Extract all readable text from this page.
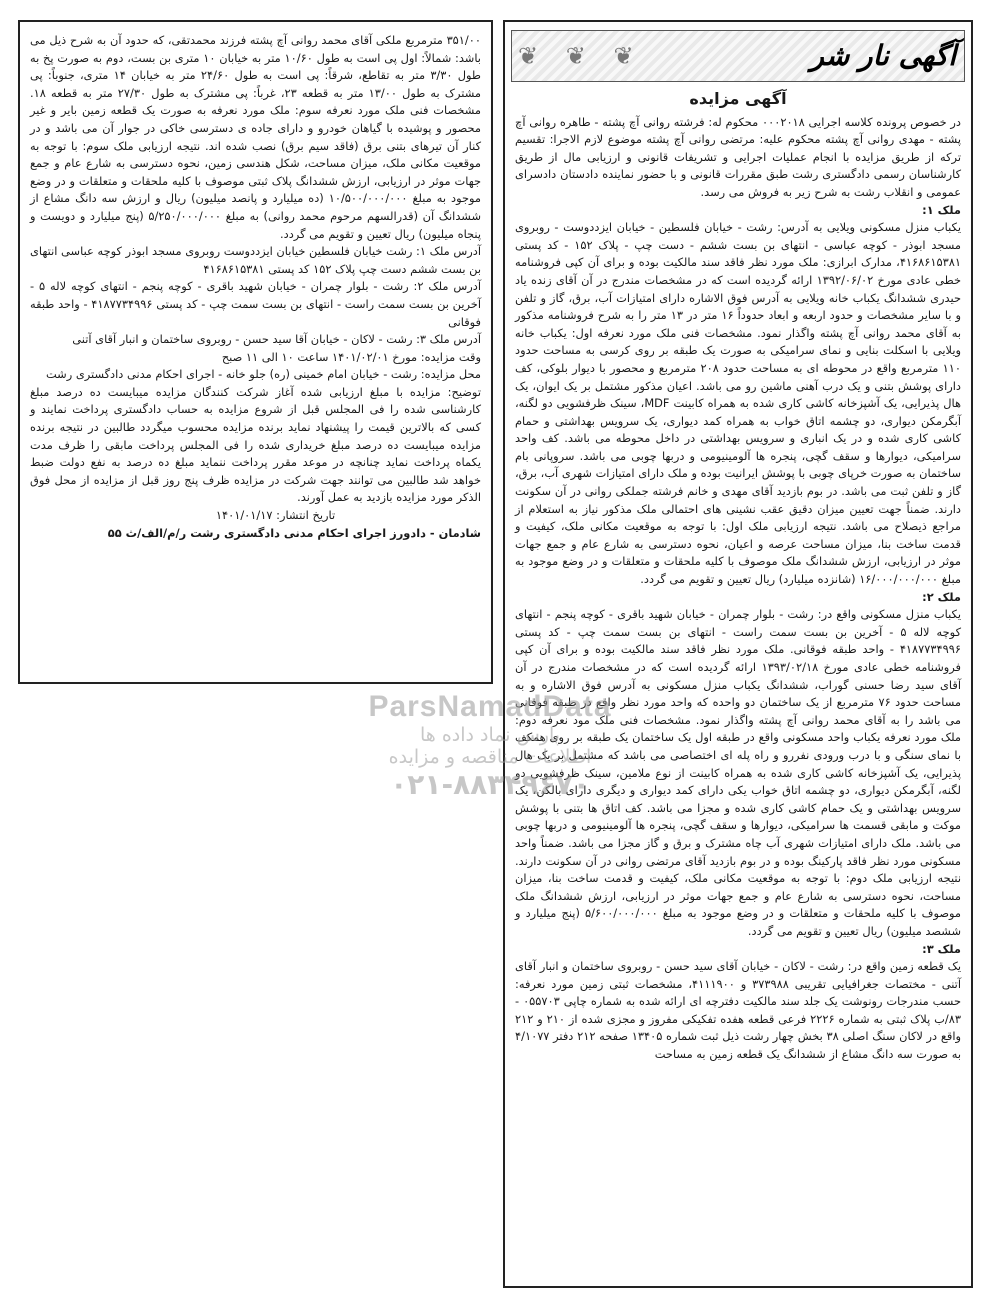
❦ ❦ ❦	آگهی نار شر
آگهی مزایده

در خصوص پرونده کلاسه اجرایی ۰۰۰۲۰۱۸ محکوم له: فرشته روانی آچ پشته - طاهره روانی آچ پشته - مهدی روانی آچ پشته محکوم علیه: مرتضی روانی آچ پشته موضوع لازم الاجرا: تقسیم ترکه از طریق مزایده با انجام عملیات اجرایی و تشریفات قانونی و ارزیابی مال از طریق کارشناسان رسمی دادگستری رشت طبق مقررات قانونی و با حضور نماینده دادستان دادسرای عمومی و انقلاب رشت به شرح زیر به فروش می رسد.

ملک ۱:

یکباب منزل مسکونی ویلایی به آدرس: رشت - خیابان فلسطین - خیابان ایزددوست - روبروی مسجد ابوذر - کوچه عباسی - انتهای بن بست ششم - دست چپ - پلاک ۱۵۲ - کد پستی ۴۱۶۸۶۱۵۳۸۱، مدارک ابرازی: ملک مورد نظر فاقد سند مالکیت بوده و برای آن کپی فروشنامه خطی عادی مورخ ۱۳۹۲/۰۶/۰۲ ارائه گردیده است که در مشخصات مندرج در آن آقای زنده یاد حیدری ششدانگ یکباب خانه ویلایی به آدرس فوق الاشاره دارای امتیازات آب، برق، گاز و تلفن و با سایر مشخصات و حدود اربعه و ابعاد حدوداً ۱۶ متر در ۱۳ متر را به شرح فروشنامه مذکور به آقای محمد روانی آچ پشته واگذار نمود. مشخصات فنی ملک مورد نعرفه اول: یکباب خانه ویلایی با اسکلت بنایی و نمای سرامیکی به صورت یک طبقه بر روی کرسی به مساحت حدود ۱۱۰ مترمربع واقع در محوطه ای به مساحت حدود ۲۰۸ مترمربع و محصور با دیوار بلوکی، کف دارای پوشش بتنی و یک درب آهنی ماشین رو می باشد. اعیان مذکور مشتمل بر یک ایوان، یک هال پذیرایی، یک آشپزخانه کاشی کاری شده به همراه کابینت MDF، سینک ظرفشویی دو لگنه، آبگرمکن دیواری، دو چشمه اتاق خواب به همراه کمد دیواری، یک سرویس بهداشتی و حمام کاشی کاری شده و در یک انباری و سرویس بهداشتی در داخل محوطه می باشد. کف واحد سرامیکی، دیوارها و سقف گچی، پنجره ها آلومینیومی و دربها چوبی می باشد. سروپانی بام ساختمان به صورت خرپای چوبی با پوشش ایرانیت بوده و ملک دارای امتیازات شهری آب، برق، گاز و تلفن ثبت می باشد. در بوم بازدید آقای مهدی و خانم فرشته جملکی روانی در آن سکونت دارند. ضمناً جهت تعیین میزان دقیق عقب نشینی های احتمالی ملک مذکور نیاز به استعلام از مراجع ذیصلاح می باشد. نتیجه ارزیابی ملک اول: با توجه به موقعیت مکانی ملک، کیفیت و قدمت ساخت بنا، میزان مساحت عرصه و اعیان، نحوه دسترسی به شارع عام و جمع جهات موثر در ارزیابی، ارزش ششدانگ ملک موصوف با کلیه ملحقات و متعلقات و در وضع موجود به مبلغ ۱۶/۰۰۰/۰۰۰/۰۰۰ (شانزده میلیارد) ریال تعیین و تقویم می گردد.

ملک ۲:

یکباب منزل مسکونی واقع در: رشت - بلوار چمران - خیابان شهید باقری - کوچه پنجم - انتهای کوچه لاله ۵ - آخرین بن بست سمت راست - انتهای بن بست سمت چپ - کد پستی ۴۱۸۷۷۳۴۹۹۶ - واحد طبقه فوقانی. ملک مورد نظر فاقد سند مالکیت بوده و برای آن کپی فروشنامه خطی عادی مورخ ۱۳۹۳/۰۲/۱۸ ارائه گردیده است که در مشخصات مندرج در آن آقای سید رضا حسنی گوراب، ششدانگ یکباب منزل مسکونی به آدرس فوق الاشاره و به مساحت حدود ۷۶ مترمربع از یک ساختمان دو واحده که واحد مورد نظر واقع در طبقه فوقانی می باشد را به آقای محمد روانی آچ پشته واگذار نمود. مشخصات فنی ملک مود نعرفه دوم: ملک مورد نعرفه یکباب واحد مسکونی واقع در طبقه اول یک ساختمان یک طبقه بر روی همکف با نمای سنگی و با درب ورودی نفررو و راه پله ای اختصاصی می باشد که مشتمل بر یک هال پذیرایی، یک آشپزخانه کاشی کاری شده به همراه کابینت از نوع ملامین، سینک ظرفشویی دو لگنه، آبگرمکن دیواری، دو چشمه اتاق خواب یکی دارای کمد دیواری و دیگری دارای بالکن، یک سرویس بهداشتی و یک حمام کاشی کاری شده و مجزا می باشد. کف اتاق ها بتنی با پوشش موکت و مابقی قسمت ها سرامیکی، دیوارها و سقف گچی، پنجره ها آلومینیومی و دربها چوبی می باشد. ملک دارای امتیازات شهری آب چاه مشترک و برق و گاز مجزا می باشد. ضمناً واحد مسکونی مورد نظر فاقد پارکینگ بوده و در بوم بازدید آقای مرتضی روانی در آن سکونت دارند. نتیجه ارزیابی ملک دوم: با توجه به موقعیت مکانی ملک، کیفیت و قدمت ساخت بنا، میزان مساحت، نحوه دسترسی به شارع عام و جمع جهات موثر در ارزیابی، ارزش ششدانگ ملک موصوف با کلیه ملحقات و متعلقات و در وضع موجود به مبلغ ۵/۶۰۰/۰۰۰/۰۰۰ (پنج میلیارد و ششصد میلیون) ریال تعیین و تقویم می گردد.

ملک ۳:

یک قطعه زمین واقع در: رشت - لاکان - خیابان آقای سید حسن - روبروی ساختمان و انبار آقای آتنی - مختصات جغرافیایی تقریبی ۳۷۳۹۸۸ و ۴۱۱۱۹۰۰، مشخصات ثبتی زمین مورد نعرفه: حسب مندرجات رونوشت یک جلد سند مالکیت دفترچه ای ارائه شده به شماره چاپی ۰۵۵۷۰۳ - ۸۳/ب پلاک ثبتی به شماره ۲۲۲۶ فرعی قطعه هفده تفکیکی مفروز و مجزی شده از ۲۱۰ و ۲۱۲ واقع در لاکان سنگ اصلی ۳۸ بخش چهار رشت ذیل ثبت شماره ۱۳۴۰۵ صفحه ۲۱۲ دفتر ۴/۱۰۷۷ به صورت سه دانگ مشاع از ششدانگ یک قطعه زمین به مساحت

۳۵۱/۰۰ مترمربع ملکی آقای محمد روانی آچ پشته فرزند محمدتقی، که حدود آن به شرح ذیل می باشد: شمالاً: اول پی است به طول ۱۰/۶۰ متر به خیابان ۱۰ متری بن بست، دوم به صورت پخ به طول ۳/۳۰ متر به تقاطع، شرقاً: پی است به طول ۲۴/۶۰ متر به خیابان ۱۴ متری، جنوباً: پی مشترک به طول ۱۳/۰۰ متر به قطعه ۲۳، غرباً: پی مشترک به طول ۲۷/۳۰ متر به قطعه ۱۸. مشخصات فنی ملک مورد نعرفه سوم: ملک مورد نعرفه به صورت یک قطعه زمین بایر و غیر محصور و پوشیده با گیاهان خودرو و دارای جاده ی دسترسی خاکی در جوار آن می باشد و در کنار آن تیرهای بتنی برق (فاقد سیم برق) نصب شده اند. نتیجه ارزیابی ملک سوم: با توجه به موقعیت مکانی ملک، میزان مساحت، شکل هندسی زمین، نحوه دسترسی به شارع عام و جمع جهات موثر در ارزیابی، ارزش ششدانگ پلاک ثبتی موصوف با کلیه ملحقات و متعلقات و در وضع موجود به مبلغ ۱۰/۵۰۰/۰۰۰/۰۰۰ (ده میلیارد و پانصد میلیون) ریال و ارزش سه دانگ مشاع از ششدانگ آن (قدرالسهم مرحوم محمد روانی) به مبلغ ۵/۲۵۰/۰۰۰/۰۰۰ (پنج میلیارد و دویست و پنجاه میلیون) ریال تعیین و تقویم می گردد.

آدرس ملک ۱: رشت خیابان فلسطین خیابان ایزددوست روبروی مسجد ابوذر کوچه عباسی انتهای بن بست ششم دست چپ پلاک ۱۵۲ کد پستی ۴۱۶۸۶۱۵۳۸۱

آدرس ملک ۲: رشت - بلوار چمران - خیابان شهید باقری - کوچه پنجم - انتهای کوچه لاله ۵ - آخرین بن بست سمت راست - انتهای بن بست سمت چپ - کد پستی ۴۱۸۷۷۳۴۹۹۶ - واحد طبقه فوقانی

آدرس ملک ۳: رشت - لاکان - خیابان آقا سید حسن - روبروی ساختمان و انبار آقای آتنی

وقت مزایده: مورخ ۱۴۰۱/۰۲/۰۱ ساعت ۱۰ الی ۱۱ صبح

محل مزایده: رشت - خیابان امام خمینی (ره) جلو خانه - اجرای احکام مدنی دادگستری رشت

توضیح: مزایده با مبلغ ارزیابی شده آغاز شرکت کنندگان مزایده میبایست ده درصد مبلغ کارشناسی شده را فی المجلس قبل از شروع مزایده به حساب دادگستری پرداخت نمایند و کسی که بالاترین قیمت را پیشنهاد نماید برنده مزایده محسوب میگردد طالبین در نتیجه برنده مزایده میبایست ده درصد مبلغ خریداری شده را فی المجلس پرداخت مابقی را ظرف مدت یکماه پرداخت نماید چنانچه در موعد مقرر پرداخت ننماید مبلغ ده درصد به نفع دولت ضبط خواهد شد طالبین می توانند جهت شرکت در مزایده ظرف پنج روز قبل از مزایده از محل فوق الذکر مورد مزایده بازدید به عمل آورند.

تاریخ انتشار: ۱۴۰۱/۰۱/۱۷

شادمان - دادورز اجرای احکام مدنی دادگستری رشت ر/م/الف/ث ۵۵

ParsNamadData
پارس نماد داده ها
اطلاعات مناقصه و مزایده
۰۲۱-۸۸۳۴۹۶۷۰
